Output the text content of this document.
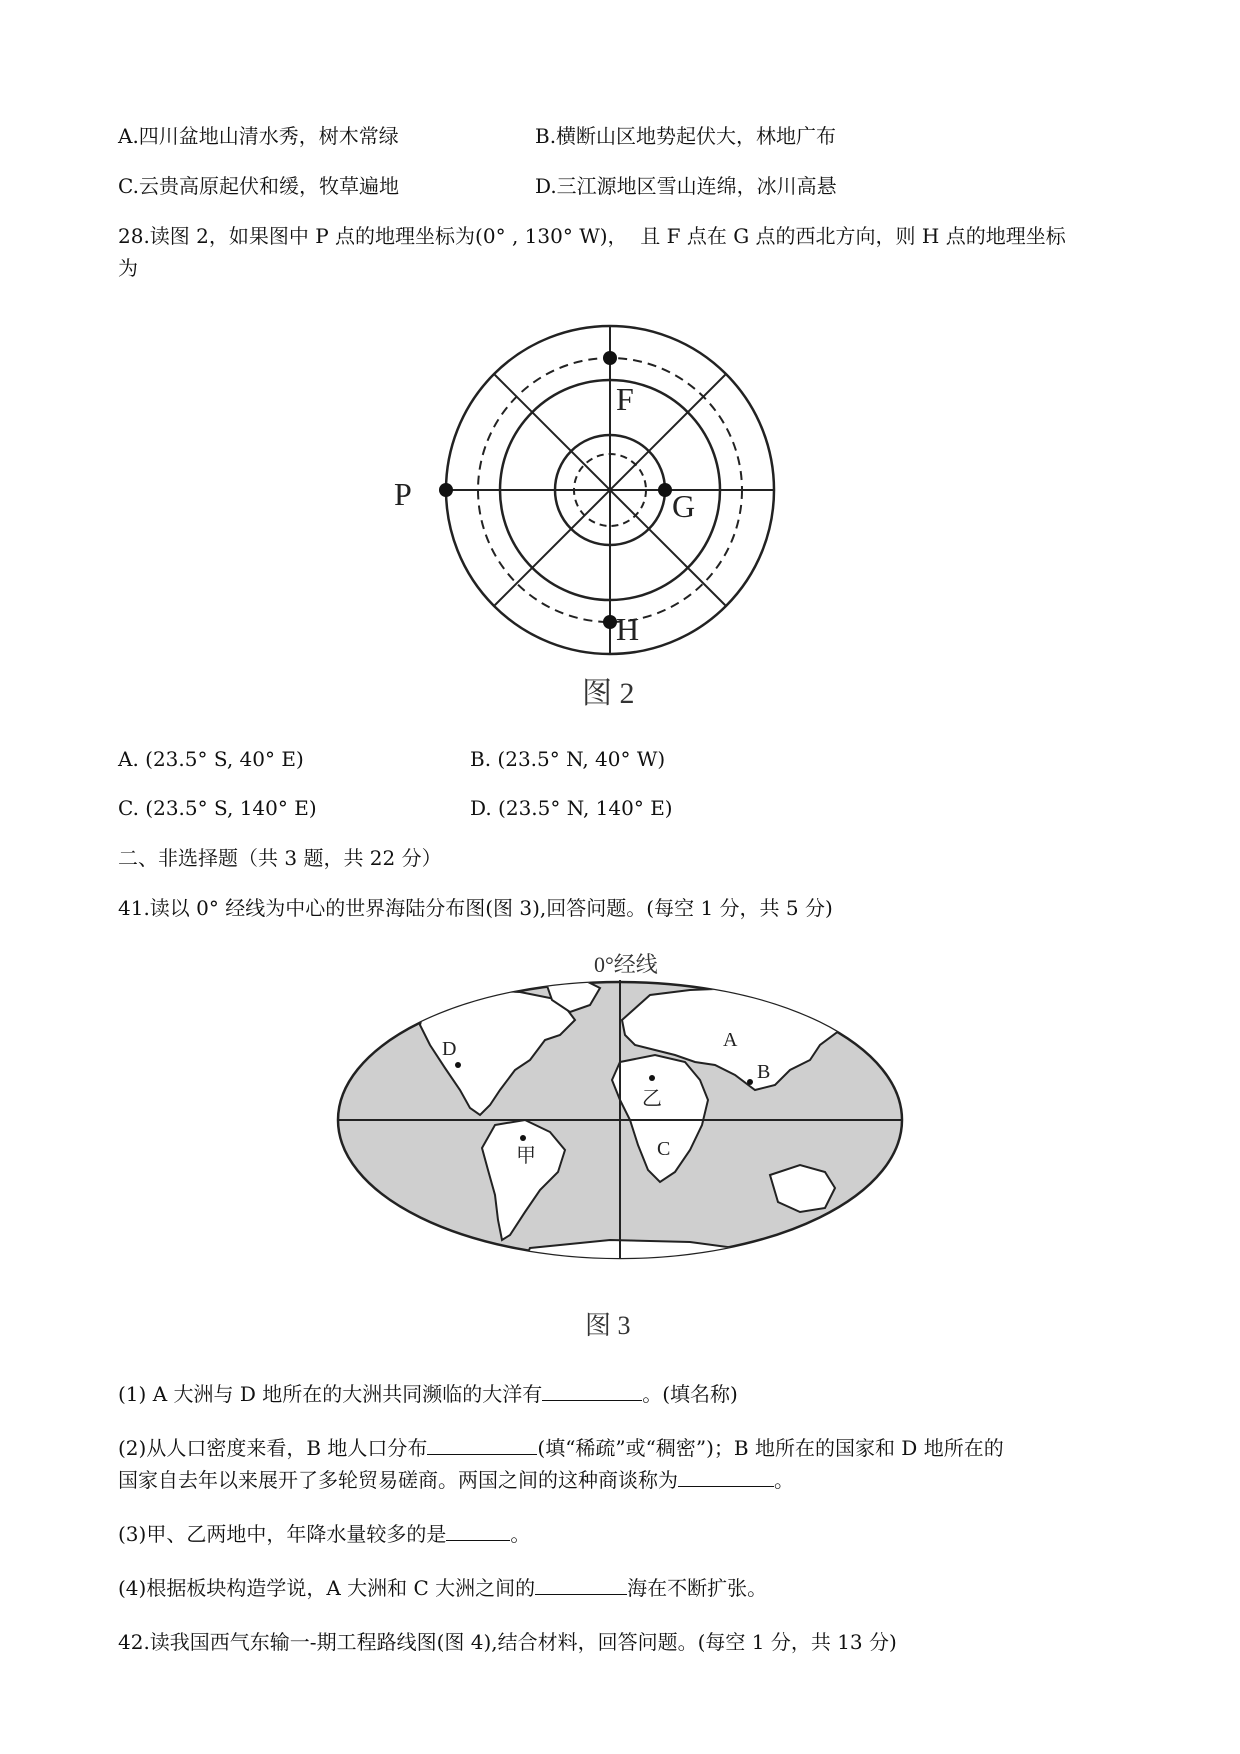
A.四川盆地山清水秀，树木常绿	B.横断山区地势起伏大，林地广布
C.云贵高原起伏和缓，牧草遍地	D.三江源地区雪山连绵，冰川高悬
28.读图 2，如果图中 P 点的地理坐标为(0° , 130° W)，  且 F 点在 G 点的西北方向，则 H 点的地理坐标
为
P
F
G
H
图 2
A. (23.5° S, 40° E)	B. (23.5° N, 40° W)
C. (23.5° S, 140° E)	D. (23.5° N, 140° E)
二、非选择题（共 3 题，共 22 分）
41.读以 0° 经线为中心的世界海陆分布图(图 3),回答问题。(每空 1 分，共 5 分)
0°经线
D	A
B
乙
C
甲
图 3
(1) A 大洲与 D 地所在的大洲共同濒临的大洋有	。(填名称)
(2)从人口密度来看，B 地人口分布	(填“稀疏”或“稠密”)；B 地所在的国家和 D 地所在的
国家自去年以来展开了多轮贸易磋商。两国之间的这种商谈称为	。
(3)甲、乙两地中，年降水量较多的是	。
(4)根据板块构造学说，A 大洲和 C 大洲之间的	海在不断扩张。
42.读我国西气东输一-期工程路线图(图 4),结合材料，回答问题。(每空 1 分，共 13 分)
